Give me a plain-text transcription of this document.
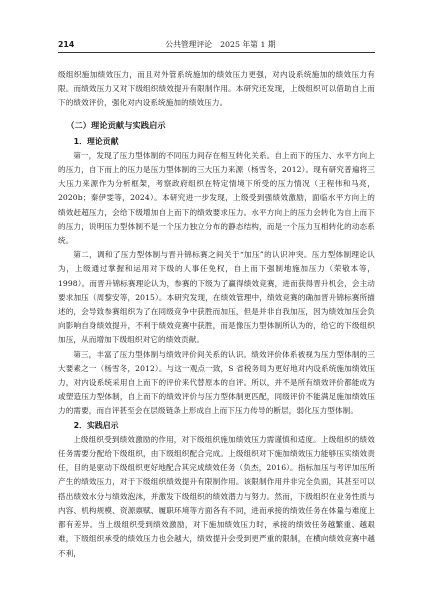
214	公共管理评论 2025 年第 1 期

级组织施加绩效压力，而且对外管系统施加的绩效压力更强，对内设系统施加的绩效压力有限。而绩效压力又对下级组织绩效提升有限制作用。本研究还发现，上级组织可以借助自上而下的绩效评价，强化对内设系统施加的绩效压力。

（二）理论贡献与实践启示
1．理论贡献

第一，发现了压力型体制的不同压力间存在相互转化关系。自上而下的压力、水平方向上的压力，自下而上的压力是压力型体制的三大压力来源（杨雪冬，2012）。现有研究普遍将三大压力来源作为分析框架，考察政府组织在特定情境下所受的压力情况（王程伟和马亮，2020b；秦伊雯等，2024）。本研究进一步发现，上级受到强绩效激励，面临水平方向上的绩效赶超压力，会给下级增加自上而下的绩效要求压力。水平方向上的压力会转化为自上而下的压力，说明压力型体制不是一个压力独立分布的静态结构，而是一个压力互相转化的动态系统。

第二，调和了压力型体制与晋升锦标赛之间关于“加压”的认识冲突。压力型体制理论认为，上级通过掌握和运用对下级的人事任免权，自上而下强制地施加压力（荣敬本等，1998）。而晋升锦标赛理论认为，参赛的下级为了赢得绩效竞赛，进而获得晋升机会，会主动要求加压（周黎安等，2015）。本研究发现，在绩效管理中，绩效竞赛的确加晋升锦标赛所描述的，会导致参赛组织为了在同级竞争中获胜而加压，但是并非自我加压，因为绩效加压会负向影响自身绩效提升，不利于绩效竞赛中获胜，而是像压力型体制所认为的，给它的下级组织加压，从而增加下级组织对它的绩效贡献。

第三，丰富了压力型体制与绩效评价间关系的认识。绩效评价体系被视为压力型体制的三大要素之一（杨雪冬，2012）。与这一观点一致，S 省税务局为更好地对内设系统施加绩效压力，对内设系统采用自上而下的评价来代替原本的自评。所以，并不是所有绩效评价都能成为或塑造压力型体制，自上而下的绩效评价与压力型体制更匹配，同级评价不能满足施加绩效压力的需要，而自评甚至会在层级链条上形成自上而下压力传导的断层，弱化压力型体制。

2．实践启示

上级组织受到绩效激励的作用，对下级组织施加绩效压力需谨慎和适度。上级组织的绩效任务需要分配给下级组织，由下级组织配合完成。上级组织对下施加绩效压力能够压实绩效责任，目的是驱动下级组织更好地配合其完成绩效任务（负杰，2016）。指标加压与考评加压所产生的绩效压力，对于下级组织绩效提升有限制作用。该限制作用并非完全负面，其甚至可以搭出绩效水分与绩效泡沫，并激发下级组织的绩效潜力与努力。然而，下级组织在业务性质与内容、机构规模、资源禀赋、履职环境等方面各有不同，进而承接的绩效任务在体量与难度上都有差异。当上级组织受到绩效激励，对下施加绩效压力时，承接的绩效任务越繁重、越艰难，下级组织承受的绩效压力也会越大，绩效提升会受到更严重的限制，在横向绩效竞赛中越不利，
